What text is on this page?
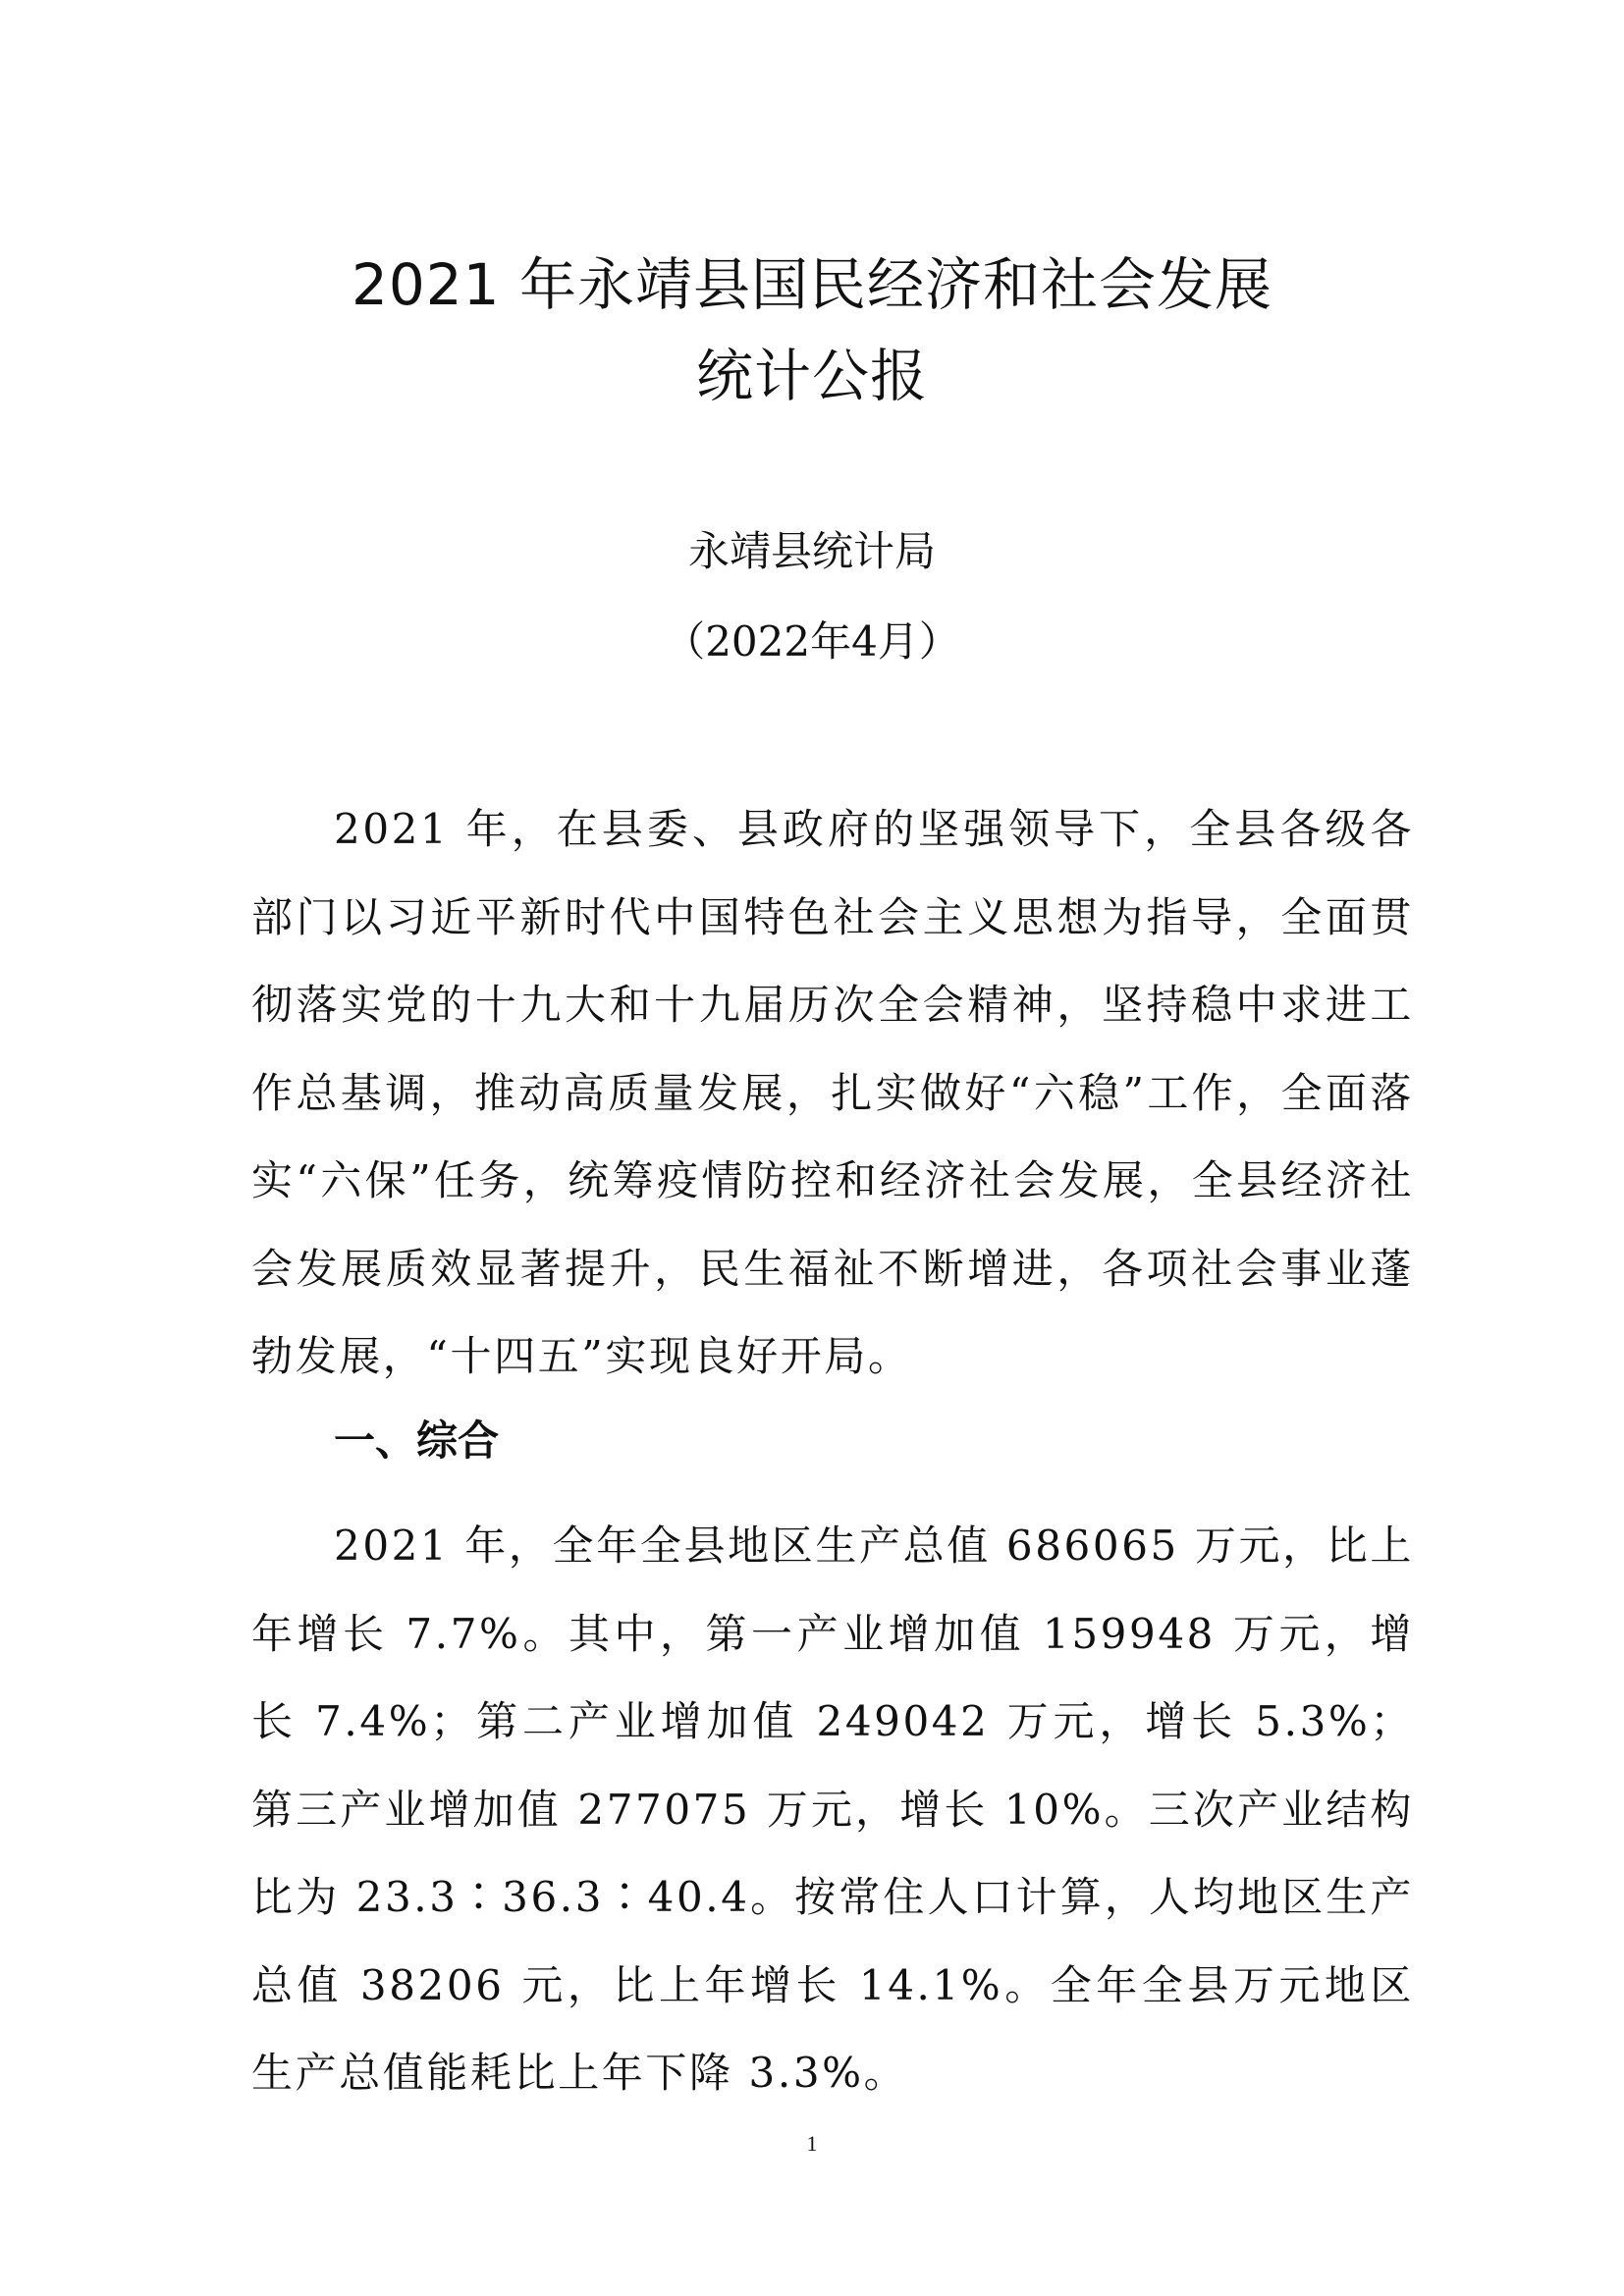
2021 年永靖县国民经济和社会发展
统计公报
永靖县统计局
（2022年4月）

2021 年，在县委、县政府的坚强领导下，全县各级各部门以习近平新时代中国特色社会主义思想为指导，全面贯彻落实党的十九大和十九届历次全会精神，坚持稳中求进工作总基调，推动高质量发展，扎实做好“六稳”工作，全面落实“六保”任务，统筹疫情防控和经济社会发展，全县经济社会发展质效显著提升，民生福祉不断增进，各项社会事业蓬勃发展，“十四五”实现良好开局。

一、综合

2021 年，全年全县地区生产总值 686065 万元，比上年增长 7.7%。其中，第一产业增加值 159948 万元，增长 7.4%；第二产业增加值 249042 万元，增长 5.3%；第三产业增加值 277075 万元，增长 10%。三次产业结构比为 23.3∶36.3∶40.4。按常住人口计算，人均地区生产总值 38206 元，比上年增长 14.1%。全年全县万元地区生产总值能耗比上年下降 3.3%。

1
